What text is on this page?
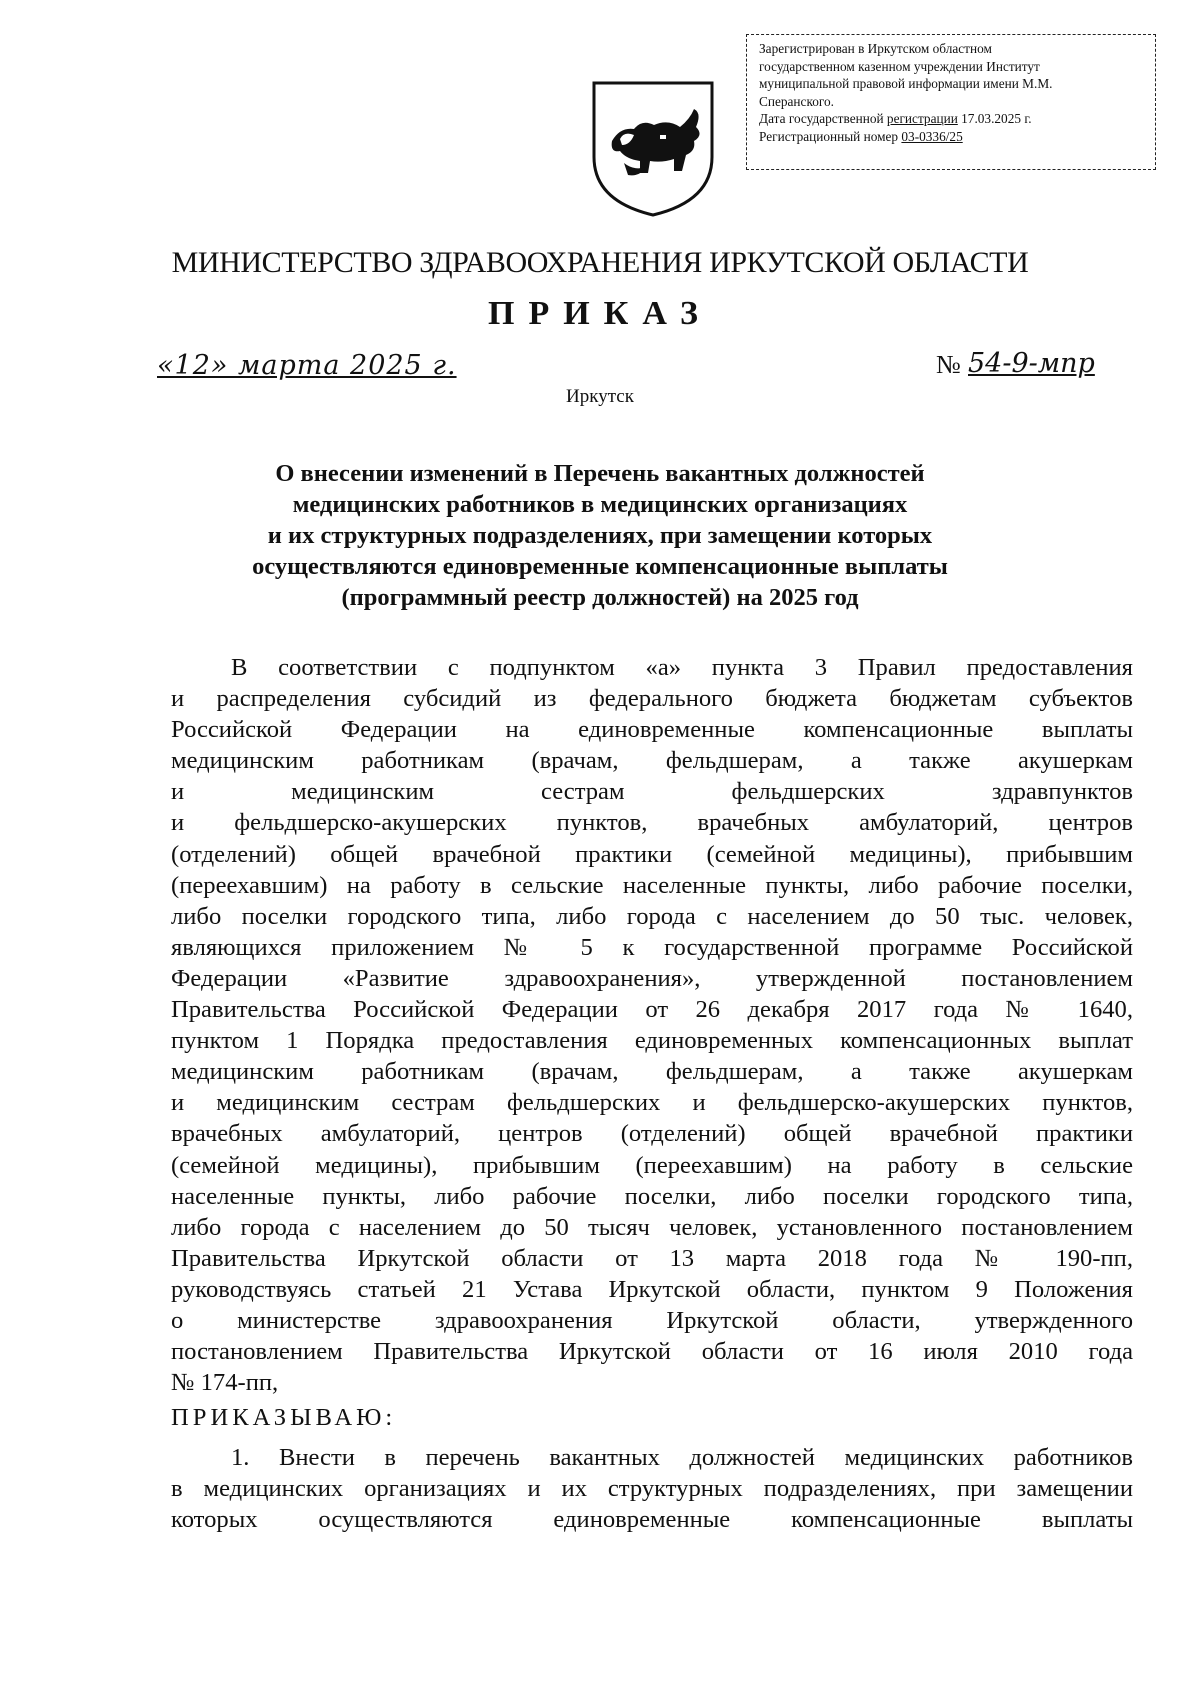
Зарегистрирован в Иркутском областном
государственном казенном учреждении Институт
муниципальной правовой информации имени М.М.
Сперанского.
Дата государственной регистрации 17.03.2025 г.
Регистрационный номер 03-0336/25
МИНИСТЕРСТВО ЗДРАВООХРАНЕНИЯ ИРКУТСКОЙ ОБЛАСТИ
ПРИКАЗ
«12» марта 2025 г.	№ 54-9-мпр
Иркутск
О внесении изменений в Перечень вакантных должностей
медицинских работников в медицинских организациях
и их структурных подразделениях, при замещении которых
осуществляются единовременные компенсационные выплаты
(программный реестр должностей) на 2025 год
В соответствии с подпунктом «а» пункта 3 Правил предоставления
и распределения субсидий из федерального бюджета бюджетам субъектов
Российской Федерации на единовременные компенсационные выплаты
медицинским работникам (врачам, фельдшерам, а также акушеркам
и медицинским сестрам фельдшерских здравпунктов
и фельдшерско-акушерских пунктов, врачебных амбулаторий, центров
(отделений) общей врачебной практики (семейной медицины), прибывшим
(переехавшим) на работу в сельские населенные пункты, либо рабочие поселки,
либо поселки городского типа, либо города с населением до 50 тыс. человек,
являющихся приложением № 5 к государственной программе Российской
Федерации «Развитие здравоохранения», утвержденной постановлением
Правительства Российской Федерации от 26 декабря 2017 года № 1640,
пунктом 1 Порядка предоставления единовременных компенсационных выплат
медицинским работникам (врачам, фельдшерам, а также акушеркам
и медицинским сестрам фельдшерских и фельдшерско-акушерских пунктов,
врачебных амбулаторий, центров (отделений) общей врачебной практики
(семейной медицины), прибывшим (переехавшим) на работу в сельские
населенные пункты, либо рабочие поселки, либо поселки городского типа,
либо города с населением до 50 тысяч человек, установленного постановлением
Правительства Иркутской области от 13 марта 2018 года № 190-пп,
руководствуясь статьей 21 Устава Иркутской области, пунктом 9 Положения
о министерстве здравоохранения Иркутской области, утвержденного
постановлением Правительства Иркутской области от 16 июля 2010 года
№ 174-пп,
ПРИКАЗЫВАЮ:
1. Внести в перечень вакантных должностей медицинских работников
в медицинских организациях и их структурных подразделениях, при замещении
которых осуществляются единовременные компенсационные выплаты
